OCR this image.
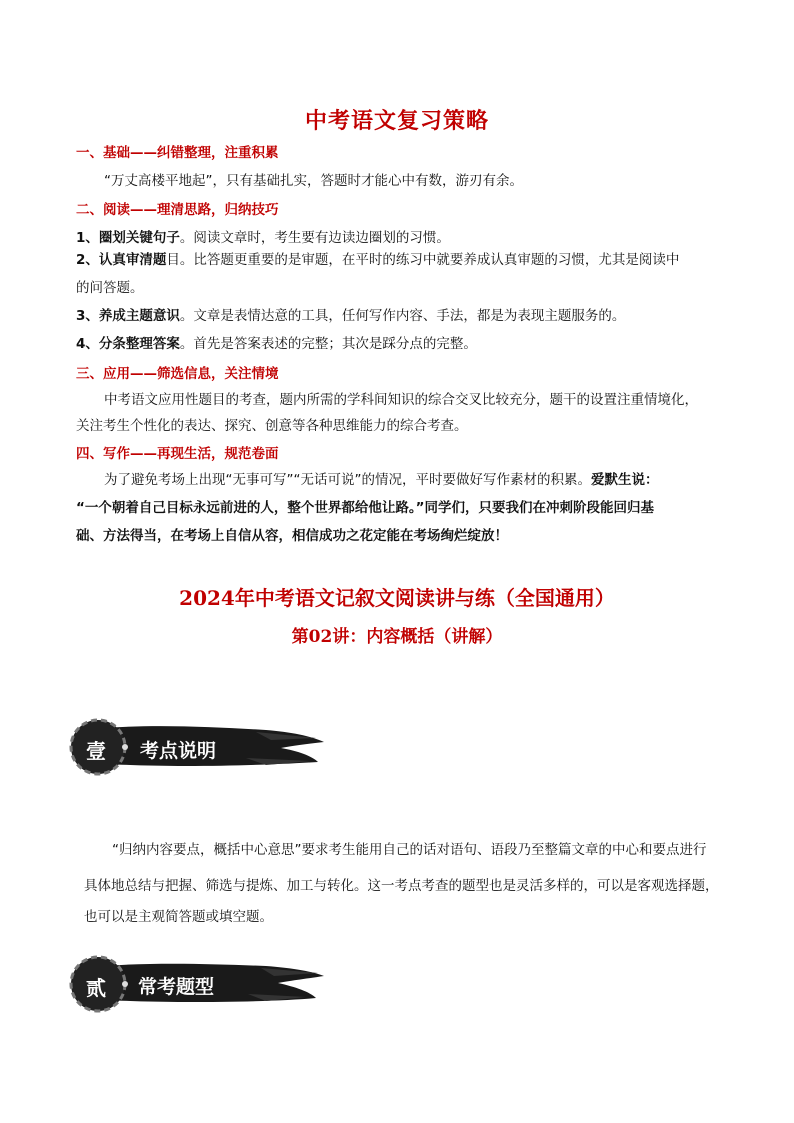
中考语文复习策略
一、基础——纠错整理，注重积累
“万丈高楼平地起”，只有基础扎实，答题时才能心中有数，游刃有余。
二、阅读——理清思路，归纳技巧
1、圈划关键句子。阅读文章时，考生要有边读边圈划的习惯。
2、认真审清题目。比答题更重要的是审题，在平时的练习中就要养成认真审题的习惯，尤其是阅读中
的问答题。
3、养成主题意识。文章是表情达意的工具，任何写作内容、手法，都是为表现主题服务的。
4、分条整理答案。首先是答案表述的完整；其次是踩分点的完整。
三、应用——筛选信息，关注情境
中考语文应用性题目的考查，题内所需的学科间知识的综合交叉比较充分，题干的设置注重情境化，
关注考生个性化的表达、探究、创意等各种思维能力的综合考查。
四、写作——再现生活，规范卷面
为了避免考场上出现“无事可写”“无话可说”的情况，平时要做好写作素材的积累。爱默生说：
“一个朝着自己目标永远前进的人，整个世界都给他让路。”同学们，只要我们在冲刺阶段能回归基
础、方法得当，在考场上自信从容，相信成功之花定能在考场绚烂绽放！
2024年中考语文记叙文阅读讲与练（全国通用）
第02讲：内容概括（讲解）
壹 考点说明
“归纳内容要点，概括中心意思”要求考生能用自己的话对语句、语段乃至整篇文章的中心和要点进行
具体地总结与把握、筛选与提炼、加工与转化。这一考点考查的题型也是灵活多样的，可以是客观选择题，
也可以是主观简答题或填空题。
贰 常考题型
